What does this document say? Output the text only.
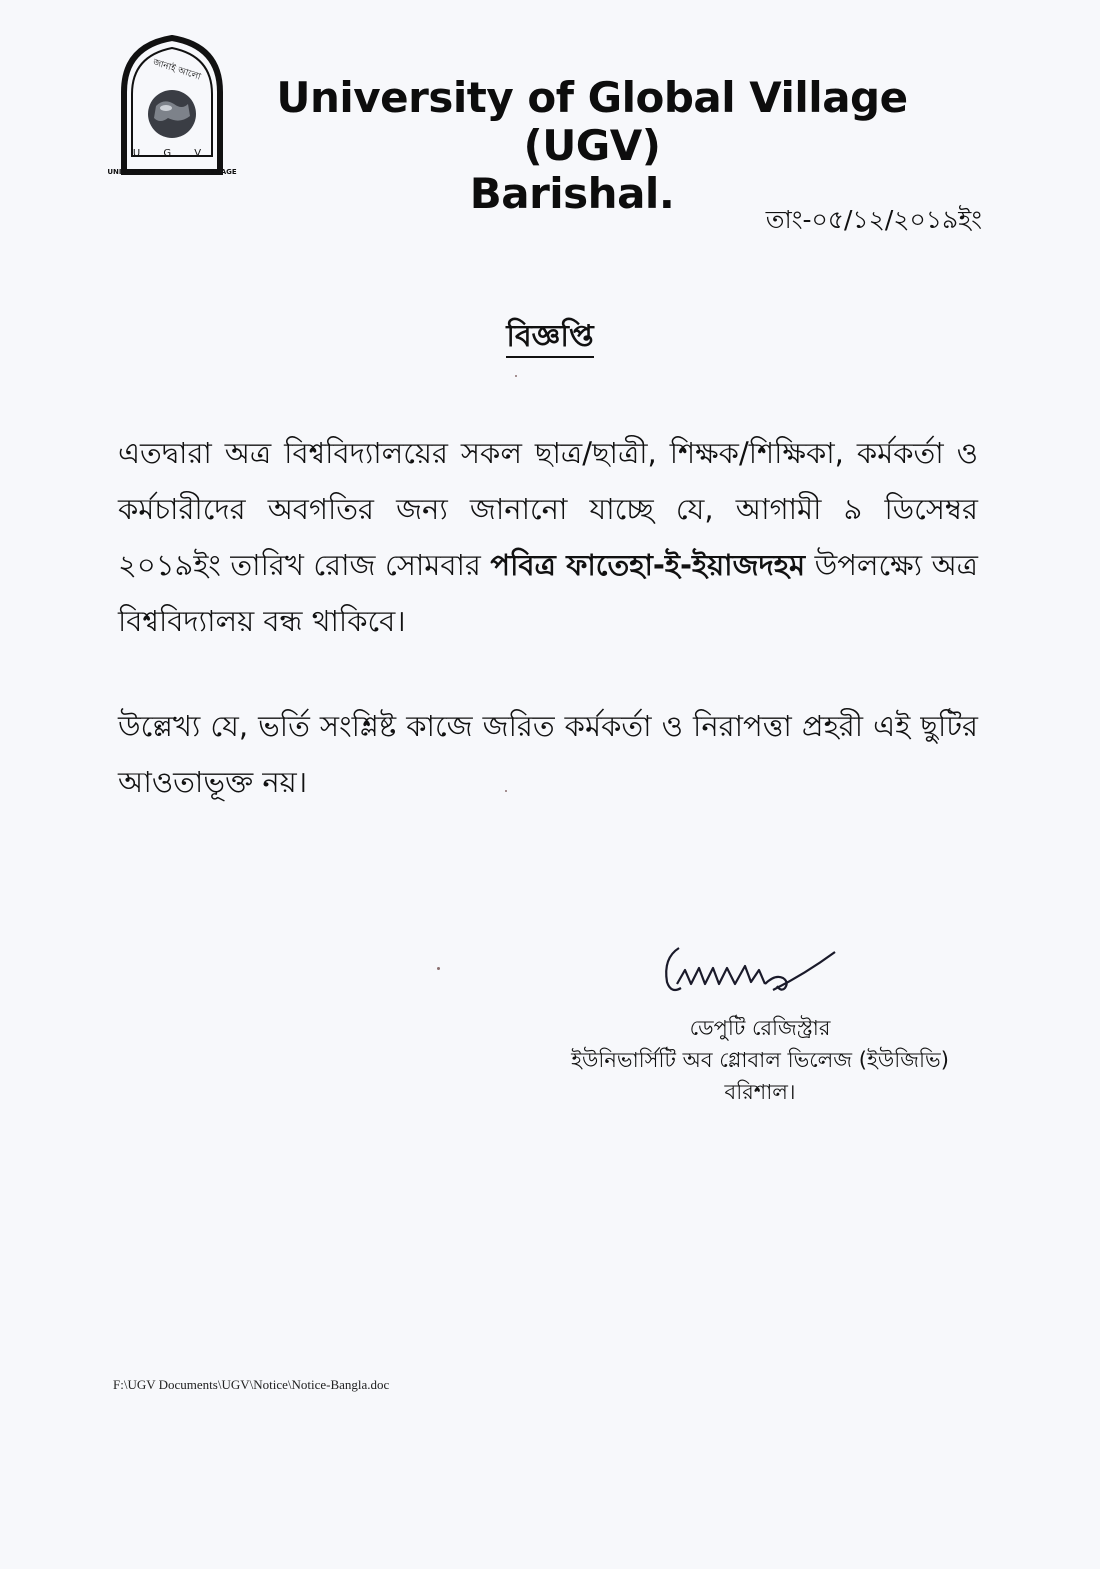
জানাই আলো
U G V
UNIVERSITY OF GLOBAL VILLAGE
University of Global Village (UGV)
Barishal.
তাং-০৫/১২/২০১৯ইং
বিজ্ঞপ্তি
এতদ্বারা অত্র বিশ্ববিদ্যালয়ের সকল ছাত্র/ছাত্রী, শিক্ষক/শিক্ষিকা, কর্মকর্তা ও কর্মচারীদের অবগতির জন্য জানানো যাচ্ছে যে, আগামী ৯ ডিসেম্বর ২০১৯ইং তারিখ রোজ সোমবার পবিত্র ফাতেহা-ই-ইয়াজদহম উপলক্ষ্যে অত্র বিশ্ববিদ্যালয় বন্ধ থাকিবে।
উল্লেখ্য যে, ভর্তি সংশ্লিষ্ট কাজে জরিত কর্মকর্তা ও নিরাপত্তা প্রহরী এই ছুটির আওতাভূক্ত নয়।
ডেপুটি রেজিস্ট্রার
ইউনিভার্সিটি অব গ্লোবাল ভিলেজ (ইউজিভি)
বরিশাল।
F:\UGV Documents\UGV\Notice\Notice-Bangla.doc
